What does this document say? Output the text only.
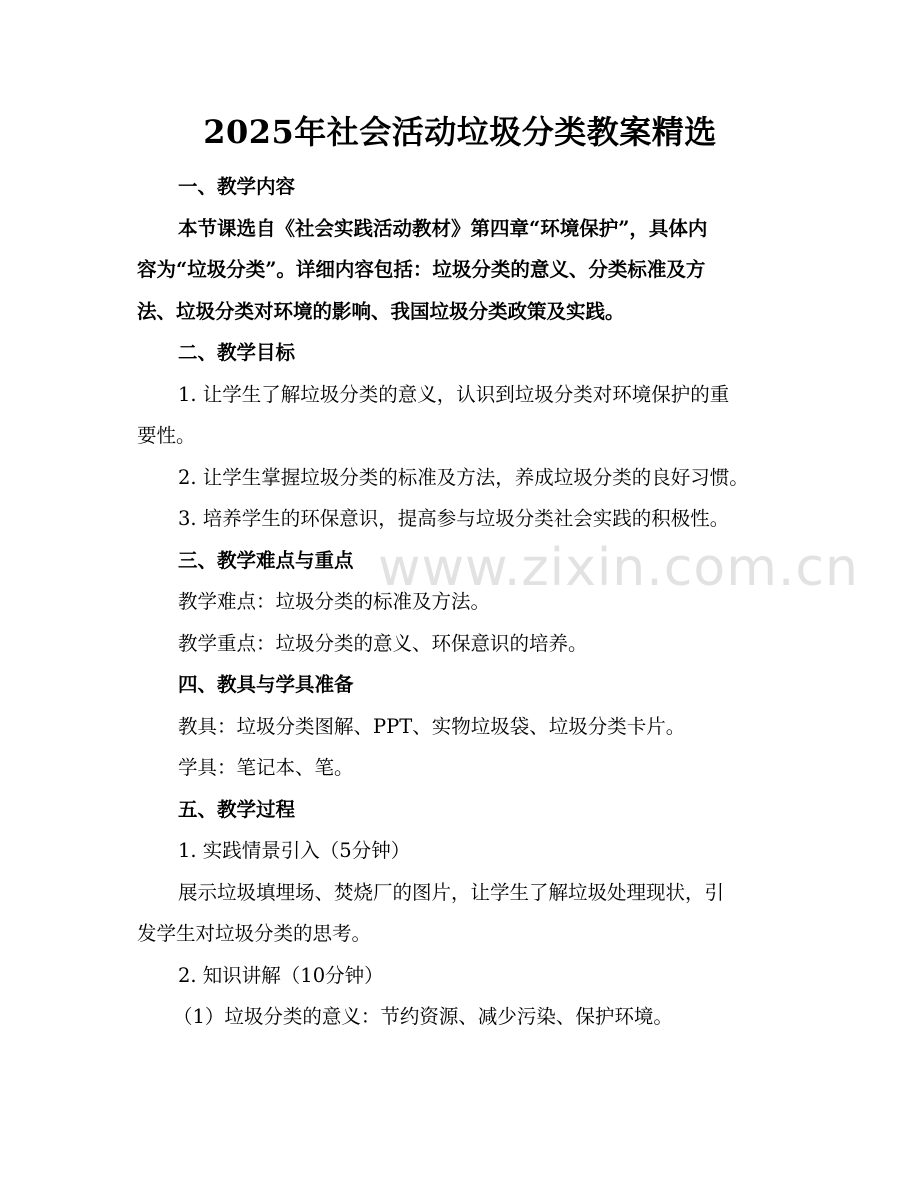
www.zixin.com.cn
2025年社会活动垃圾分类教案精选
一、教学内容
本节课选自《社会实践活动教材》第四章“环境保护”，具体内
容为“垃圾分类”。详细内容包括：垃圾分类的意义、分类标准及方
法、垃圾分类对环境的影响、我国垃圾分类政策及实践。
二、教学目标
1. 让学生了解垃圾分类的意义，认识到垃圾分类对环境保护的重
要性。
2. 让学生掌握垃圾分类的标准及方法，养成垃圾分类的良好习惯。
3. 培养学生的环保意识，提高参与垃圾分类社会实践的积极性。
三、教学难点与重点
教学难点：垃圾分类的标准及方法。
教学重点：垃圾分类的意义、环保意识的培养。
四、教具与学具准备
教具：垃圾分类图解、PPT、实物垃圾袋、垃圾分类卡片。
学具：笔记本、笔。
五、教学过程
1. 实践情景引入（5分钟）
展示垃圾填埋场、焚烧厂的图片，让学生了解垃圾处理现状，引
发学生对垃圾分类的思考。
2. 知识讲解（10分钟）
（1）垃圾分类的意义：节约资源、减少污染、保护环境。
